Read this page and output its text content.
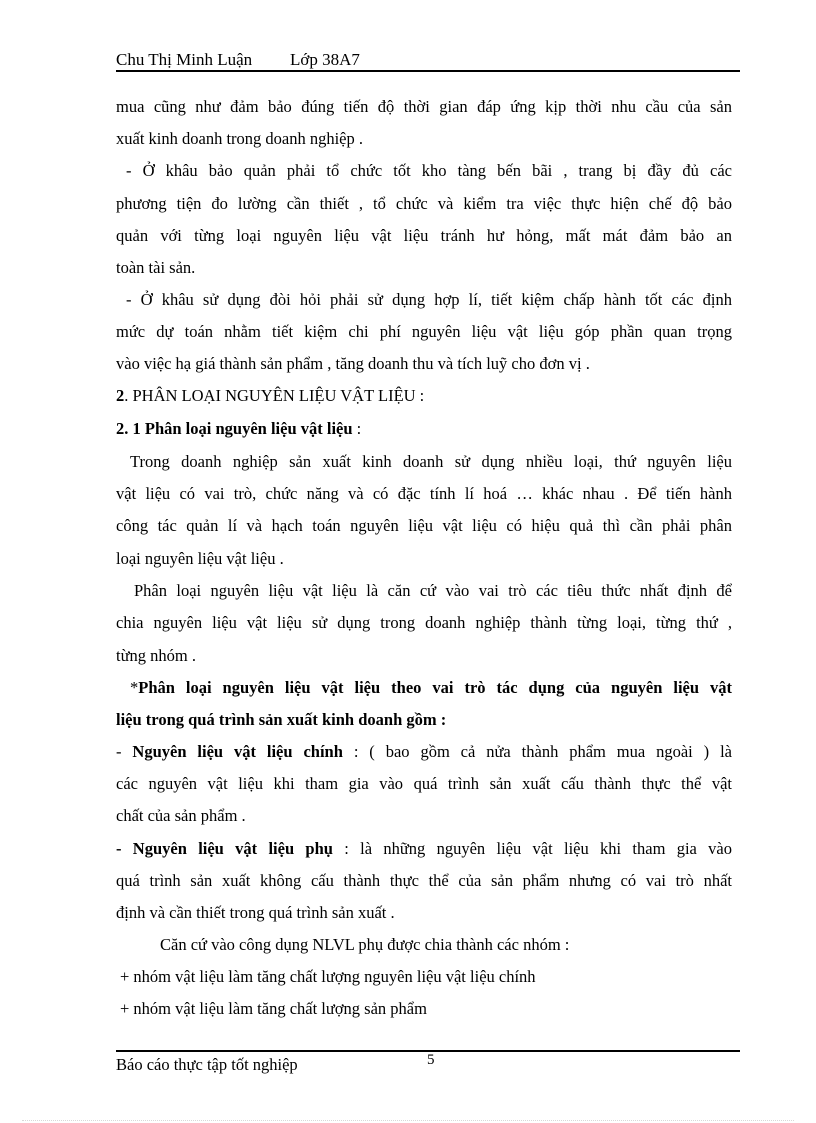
Chu Thị Minh Luận Lớp 38A7
mua cũng như đảm bảo đúng tiến độ thời gian đáp ứng kịp thời nhu cầu của sản
xuất kinh doanh trong doanh nghiệp .
- Ở khâu bảo quản phải tổ chức tốt kho tàng bến bãi , trang bị đầy đủ các
phương tiện đo lường cần thiết , tổ chức và kiểm tra việc thực hiện chế độ bảo
quản với từng loại nguyên liệu vật liệu tránh hư hỏng, mất mát đảm bảo an
toàn tài sản.
- Ở khâu sử dụng đòi hỏi phải sử dụng hợp lí, tiết kiệm chấp hành tốt các định
mức dự toán nhằm tiết kiệm chi phí nguyên liệu vật liệu góp phần quan trọng
vào việc hạ giá thành sản phẩm , tăng doanh thu và tích luỹ cho đơn vị .
2. PHÂN LOẠI NGUYÊN LIỆU VẬT LIỆU :
2. 1 Phân loại nguyên liệu vật liệu :
Trong doanh nghiệp sản xuất kinh doanh sử dụng nhiều loại, thứ nguyên liệu
vật liệu có vai trò, chức năng và có đặc tính lí hoá … khác nhau . Để tiến hành
công tác quản lí và hạch toán nguyên liệu vật liệu có hiệu quả thì cần phải phân
loại nguyên liệu vật liệu .
Phân loại nguyên liệu vật liệu là căn cứ vào vai trò các tiêu thức nhất định để
chia nguyên liệu vật liệu sử dụng trong doanh nghiệp thành từng loại, từng thứ ,
từng nhóm .
*Phân loại nguyên liệu vật liệu theo vai trò tác dụng của nguyên liệu vật
liệu trong quá trình sản xuất kinh doanh gồm :
- Nguyên liệu vật liệu chính : ( bao gồm cả nửa thành phẩm mua ngoài ) là
các nguyên vật liệu khi tham gia vào quá trình sản xuất cấu thành thực thể vật
chất của sản phẩm .
- Nguyên liệu vật liệu phụ : là những nguyên liệu vật liệu khi tham gia vào
quá trình sản xuất không cấu thành thực thể của sản phẩm nhưng có vai trò nhất
định và cần thiết trong quá trình sản xuất .
Căn cứ vào công dụng NLVL phụ được chia thành các nhóm :
+ nhóm vật liệu làm tăng chất lượng nguyên liệu vật liệu chính
+ nhóm vật liệu làm tăng chất lượng sản phẩm
Báo cáo thực tập tốt nghiệp	5
